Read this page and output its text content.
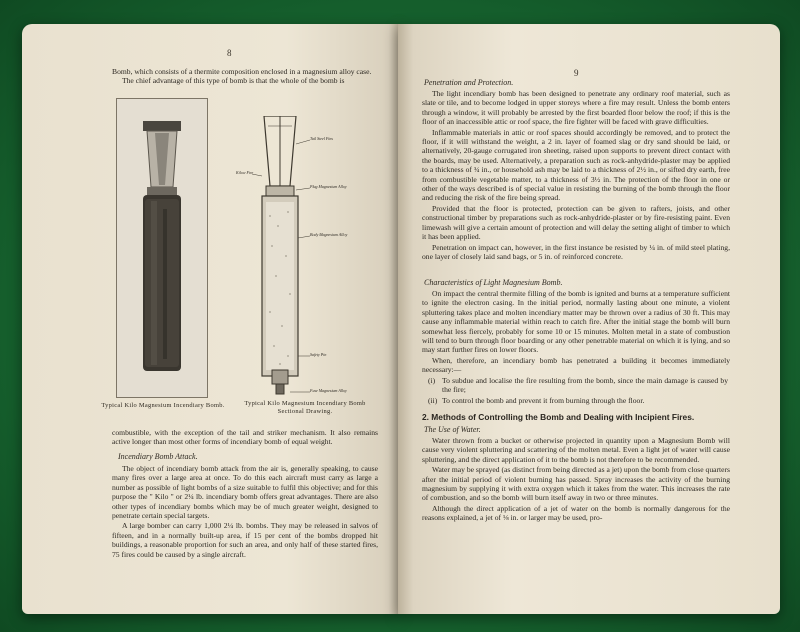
8
Bomb, which consists of a thermite composition enclosed in a magnesium alloy case.
The chief advantage of this type of bomb is that the whole of the bomb is
Typical Kilo Magnesium Incendiary Bomb.
Tail Steel Fins
Plug Magnesium Alloy
Body Magnesium Alloy
Safety Pin
Fuse Magnesium Alloy
Kilow Fire
Typical Kilo Magnesium Incendiary Bomb Sectional Drawing.
combustible, with the exception of the tail and striker mechanism. It also remains active longer than most other forms of incendiary bomb of equal weight.
Incendiary Bomb Attack.

The object of incendiary bomb attack from the air is, generally speaking, to cause many fires over a large area at once. To do this each aircraft must carry as large a number as possible of light bombs of a size suitable to fulfil this objective; and for this purpose the " Kilo " or 2¼ lb. incendiary bomb offers great advantages. There are also other types of incendiary bombs which may be of much greater weight, designed to penetrate certain special targets.

A large bomber can carry 1,000 2¼ lb. bombs. They may be released in salvos of fifteen, and in a normally built-up area, if 15 per cent of the bombs dropped hit buildings, a reasonable proportion for such an area, and only half of these started fires, 75 fires could be caused by a single aircraft.

9
Penetration and Protection.

The light incendiary bomb has been designed to penetrate any ordinary roof material, such as slate or tile, and to become lodged in upper storeys where a fire may result. Unless the bomb enters through a window, it will probably be arrested by the first boarded floor below the roof; if this is the floor of an inaccessible attic or roof space, the fire fighter will be faced with grave difficulties.

Inflammable materials in attic or roof spaces should accordingly be removed, and to protect the floor, if it will withstand the weight, a 2 in. layer of foamed slag or dry sand should be laid, or alternatively, 20-gauge corrugated iron sheeting, raised upon supports to prevent direct contact with the boards, may be used. Alternatively, a preparation such as rock-anhydride-plaster may be applied to a thickness of ¾ in., or household ash may be laid to a thickness of 2½ in., or sifted dry earth, free from combustible vegetable matter, to a thickness of 3½ in. The protection of the floor in one or other of the ways described is of special value in resisting the burning of the bomb through the floor and reducing the risk of the fire being spread.

Provided that the floor is protected, protection can be given to rafters, joists, and other constructional timber by preparations such as rock-anhydride-plaster or by fire-resisting paint. Even limewash will give a certain amount of protection and will delay the setting alight of timber to which it has been applied.

Penetration on impact can, however, in the first instance be resisted by ¼ in. of mild steel plating, one layer of closely laid sand bags, or 5 in. of reinforced concrete.

Characteristics of Light Magnesium Bomb.

On impact the central thermite filling of the bomb is ignited and burns at a temperature sufficient to ignite the electron casing. In the initial period, normally lasting about one minute, a violent spluttering takes place and molten incendiary matter may be thrown over a radius of 30 ft. This may cause any inflammable material within reach to catch fire. After the initial stage the bomb will burn somewhat less fiercely, probably for some 10 or 15 minutes. Molten metal in a state of combustion will tend to burn through floor boarding or any other penetrable material on which it is lying, and so may start further fires on lower floors.

When, therefore, an incendiary bomb has penetrated a building it becomes immediately necessary:—

(i) To subdue and localise the fire resulting from the bomb, since the main damage is caused by the fire;
(ii) To control the bomb and prevent it from burning through the floor.
2. Methods of Controlling the Bomb and Dealing with Incipient Fires.
The Use of Water.

Water thrown from a bucket or otherwise projected in quantity upon a Magnesium Bomb will cause very violent spluttering and scattering of the molten metal. Even a light jet of water will cause spluttering, and the direct application of it to the bomb is not therefore to be recommended.

Water may be sprayed (as distinct from being directed as a jet) upon the bomb from close quarters after the initial period of violent burning has passed. Spray increases the activity of the burning magnesium by supplying it with extra oxygen which it takes from the water. This increases the rate of combustion, and so the bomb will burn itself away in two or three minutes.

Although the direct application of a jet of water on the bomb is normally dangerous for the reasons explained, a jet of ⅛ in. or larger may be used, pro-
